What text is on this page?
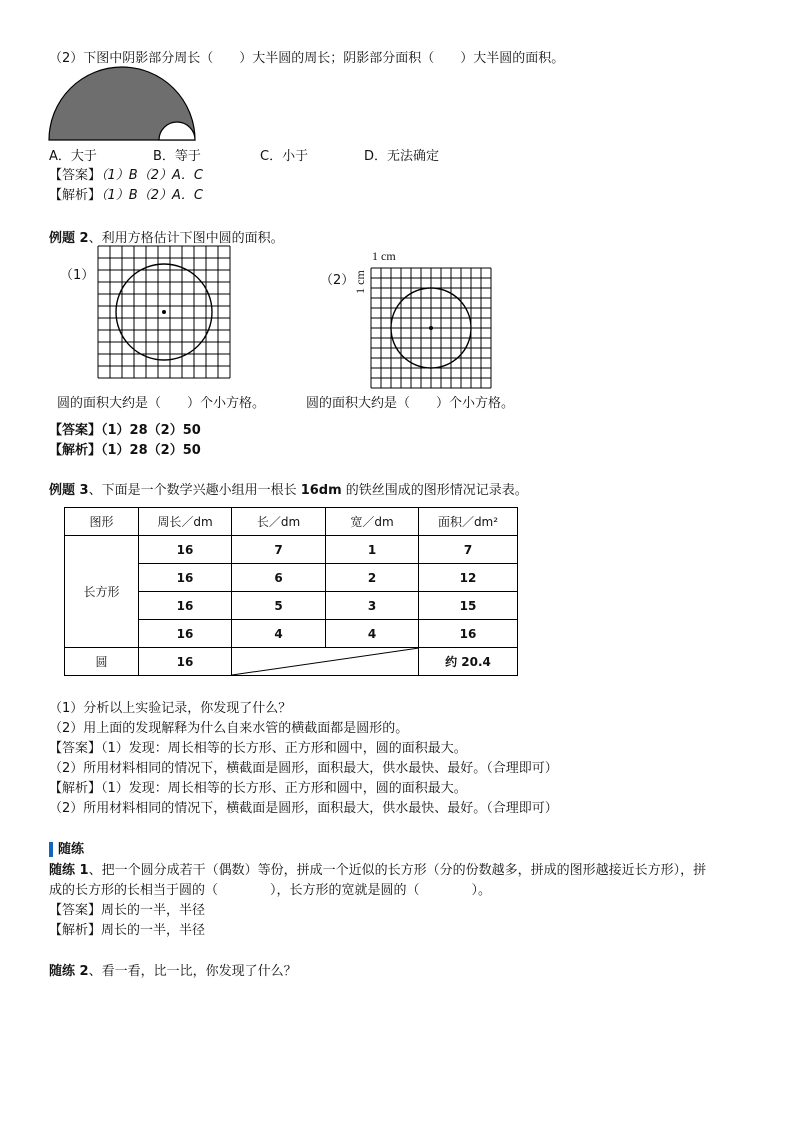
（2）下图中阴影部分周长（　　）大半圆的周长；阴影部分面积（　　）大半圆的面积。
A．大于	B．等于	C．小于	D．无法确定
【答案】（1）B（2）A．C
【解析】（1）B（2）A．C
例题 2、利用方格估计下图中圆的面积。
（1）	（2）
1 cm
1 cm
圆的面积大约是（　　）个小方格。	圆的面积大约是（　　）个小方格。
【答案】（1）28（2）50
【解析】（1）28（2）50
例题 3、下面是一个数学兴趣小组用一根长 16dm 的铁丝围成的图形情况记录表。
图形	周长／dm	长／dm	宽／dm	面积／dm²
长方形	16	7	1	7
	16	6	2	12
	16	5	3	15
	16	4	4	16
圆	16			约 20.4
（1）分析以上实验记录，你发现了什么？
（2）用上面的发现解释为什么自来水管的横截面都是圆形的。
【答案】（1）发现：周长相等的长方形、正方形和圆中，圆的面积最大。
（2）所用材料相同的情况下，横截面是圆形，面积最大，供水最快、最好。（合理即可）
【解析】（1）发现：周长相等的长方形、正方形和圆中，圆的面积最大。
（2）所用材料相同的情况下，横截面是圆形，面积最大，供水最快、最好。（合理即可）
随练
随练 1、把一个圆分成若干（偶数）等份，拼成一个近似的长方形（分的份数越多，拼成的图形越接近长方形），拼
成的长方形的长相当于圆的（　　　　），长方形的宽就是圆的（　　　　）。
【答案】周长的一半，半径
【解析】周长的一半，半径
随练 2、看一看，比一比，你发现了什么？
